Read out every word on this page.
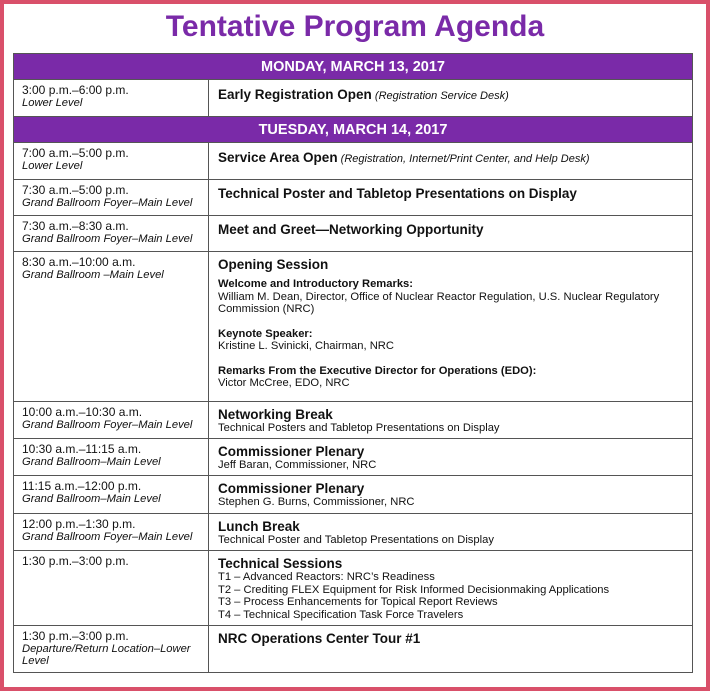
Tentative Program Agenda
MONDAY, MARCH 13, 2017
3:00 p.m.–6:00 p.m.
Lower Level
Early Registration Open (Registration Service Desk)
TUESDAY, MARCH 14, 2017
7:00 a.m.–5:00 p.m.
Lower Level
Service Area Open (Registration, Internet/Print Center, and Help Desk)
7:30 a.m.–5:00 p.m.
Grand Ballroom Foyer–Main Level
Technical Poster and Tabletop Presentations on Display
7:30 a.m.–8:30 a.m.
Grand Ballroom Foyer–Main Level
Meet and Greet—Networking Opportunity
8:30 a.m.–10:00 a.m.
Grand Ballroom –Main Level
Opening Session
Welcome and Introductory Remarks:
William M. Dean, Director, Office of Nuclear Reactor Regulation, U.S. Nuclear Regulatory
Commission (NRC)
Keynote Speaker:
Kristine L. Svinicki, Chairman, NRC
Remarks From the Executive Director for Operations (EDO):
Victor McCree, EDO, NRC
10:00 a.m.–10:30 a.m.
Grand Ballroom Foyer–Main Level
Networking Break
Technical Posters and Tabletop Presentations on Display
10:30 a.m.–11:15 a.m.
Grand Ballroom–Main Level
Commissioner Plenary
Jeff Baran, Commissioner, NRC
11:15 a.m.–12:00 p.m.
Grand Ballroom–Main Level
Commissioner Plenary
Stephen G. Burns, Commissioner, NRC
12:00 p.m.–1:30 p.m.
Grand Ballroom Foyer–Main Level
Lunch Break
Technical Poster and Tabletop Presentations on Display
1:30 p.m.–3:00 p.m.	Technical Sessions
T1 – Advanced Reactors: NRC’s Readiness
T2 – Crediting FLEX Equipment for Risk Informed Decisionmaking Applications
T3 – Process Enhancements for Topical Report Reviews
T4 – Technical Specification Task Force Travelers
1:30 p.m.–3:00 p.m.
Departure/Return Location–Lower
Level
NRC Operations Center Tour #1
